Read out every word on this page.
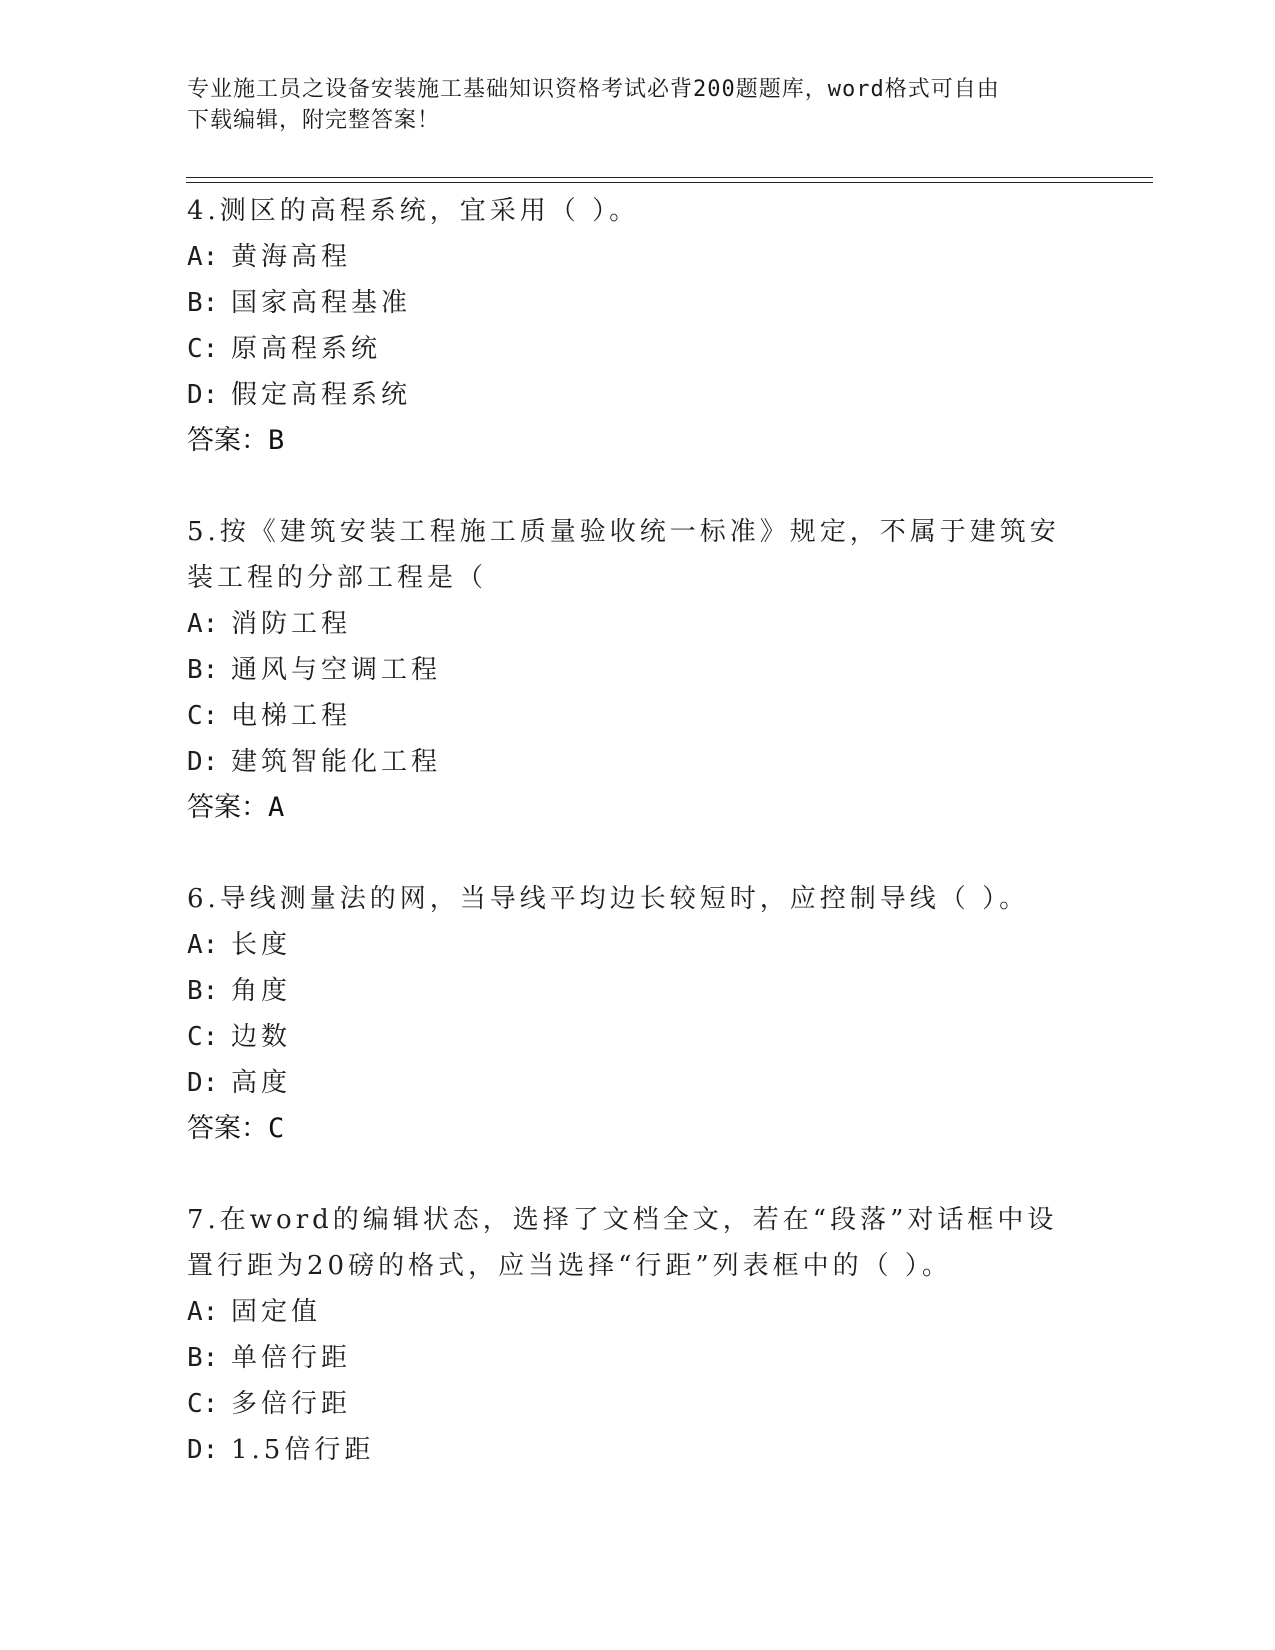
专业施工员之设备安装施工基础知识资格考试必背200题题库，word格式可自由
下载编辑，附完整答案！
4.测区的高程系统，宜采用（ ）。
A: 黄海高程
B: 国家高程基准
C: 原高程系统
D: 假定高程系统
答案：B
5.按《建筑安装工程施工质量验收统一标准》规定，不属于建筑安装工程的分部工程是（
A: 消防工程
B: 通风与空调工程
C: 电梯工程
D: 建筑智能化工程
答案：A
6.导线测量法的网，当导线平均边长较短时，应控制导线（ ）。
A: 长度
B: 角度
C: 边数
D: 高度
答案：C
7.在word的编辑状态，选择了文档全文，若在“段落”对话框中设置行距为20磅的格式，应当选择“行距”列表框中的（ ）。
A: 固定值
B: 单倍行距
C: 多倍行距
D: 1.5倍行距
